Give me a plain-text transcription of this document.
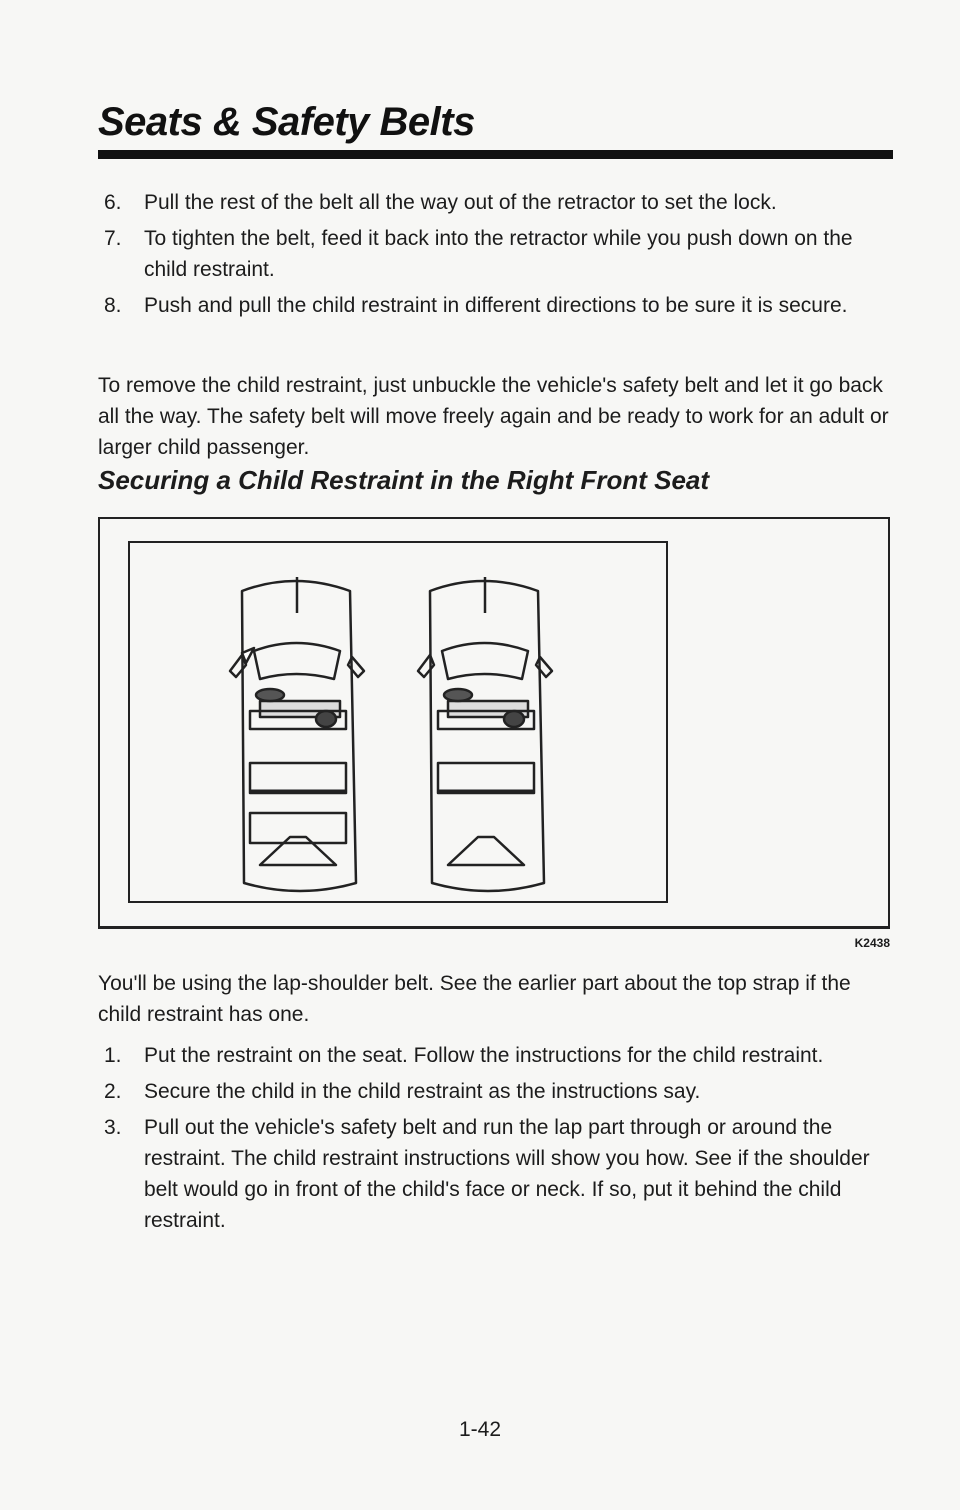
Seats & Safety Belts
6.	Pull the rest of the belt all the way out of the retractor to set the lock.
7.	To tighten the belt, feed it back into the retractor while you push down on the child restraint.
8.	Push and pull the child restraint in different directions to be sure it is secure.

To remove the child restraint, just unbuckle the vehicle's safety belt and let it go back all the way. The safety belt will move freely again and be ready to work for an adult or larger child passenger.

Securing a Child Restraint in the Right Front Seat
K2438

You'll be using the lap-shoulder belt. See the earlier part about the top strap if the child restraint has one.

1.	Put the restraint on the seat. Follow the instructions for the child restraint.
2.	Secure the child in the child restraint as the instructions say.
3.	Pull out the vehicle's safety belt and run the lap part through or around the restraint. The child restraint instructions will show you how. See if the shoulder belt would go in front of the child's face or neck. If so, put it behind the child restraint.
1-42
